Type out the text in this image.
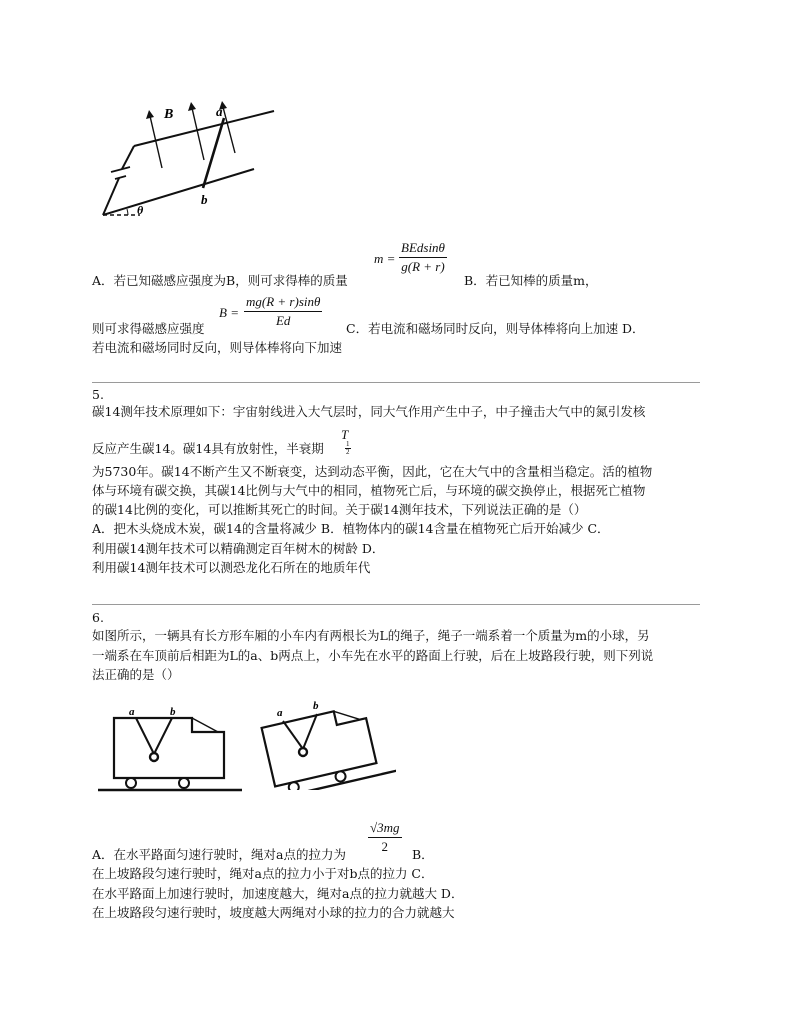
B	a
b
θ
m =
BEdsinθ
g(R + r)
A．若已知磁感应强度为B，则可求得棒的质量	B．若已知棒的质量m，
$B = \frac{mg(R + r)\sin\theta}{Ed}$
则可求得磁感应强度	C．若电流和磁场同时反向，则导体棒将向上加速 D．
若电流和磁场同时反向，则导体棒将向下加速
5.
碳14测年技术原理如下：宇宙射线进入大气层时，同大气作用产生中子，中子撞击大气中的氮引发核
反应产生碳14。碳14具有放射性，半衰期
T
$\frac{1}{2}$
为5730年。碳14不断产生又不断衰变，达到动态平衡，因此，它在大气中的含量相当稳定。活的植物
体与环境有碳交换，其碳14比例与大气中的相同，植物死亡后，与环境的碳交换停止，根据死亡植物
的碳14比例的变化，可以推断其死亡的时间。关于碳14测年技术，下列说法正确的是（）
A．把木头烧成木炭，碳14的含量将减少 B．植物体内的碳14含量在植物死亡后开始减少 C．
利用碳14测年技术可以精确测定百年树木的树龄 D．
利用碳14测年技术可以测恐龙化石所在的地质年代
6.
如图所示，一辆具有长方形车厢的小车内有两根长为L的绳子，绳子一端系着一个质量为m的小球，另
一端系在车顶前后相距为L的a、b两点上，小车先在水平的路面上行驶，后在上坡路段行驶，则下列说
法正确的是（）
a	b	a
b
$\frac{√3mg}{2}$
A．在水平路面匀速行驶时，绳对a点的拉力为	B．
在上坡路段匀速行驶时，绳对a点的拉力小于对b点的拉力 C．
在水平路面上加速行驶时，加速度越大，绳对a点的拉力就越大 D．
在上坡路段匀速行驶时，坡度越大两绳对小球的拉力的合力就越大
